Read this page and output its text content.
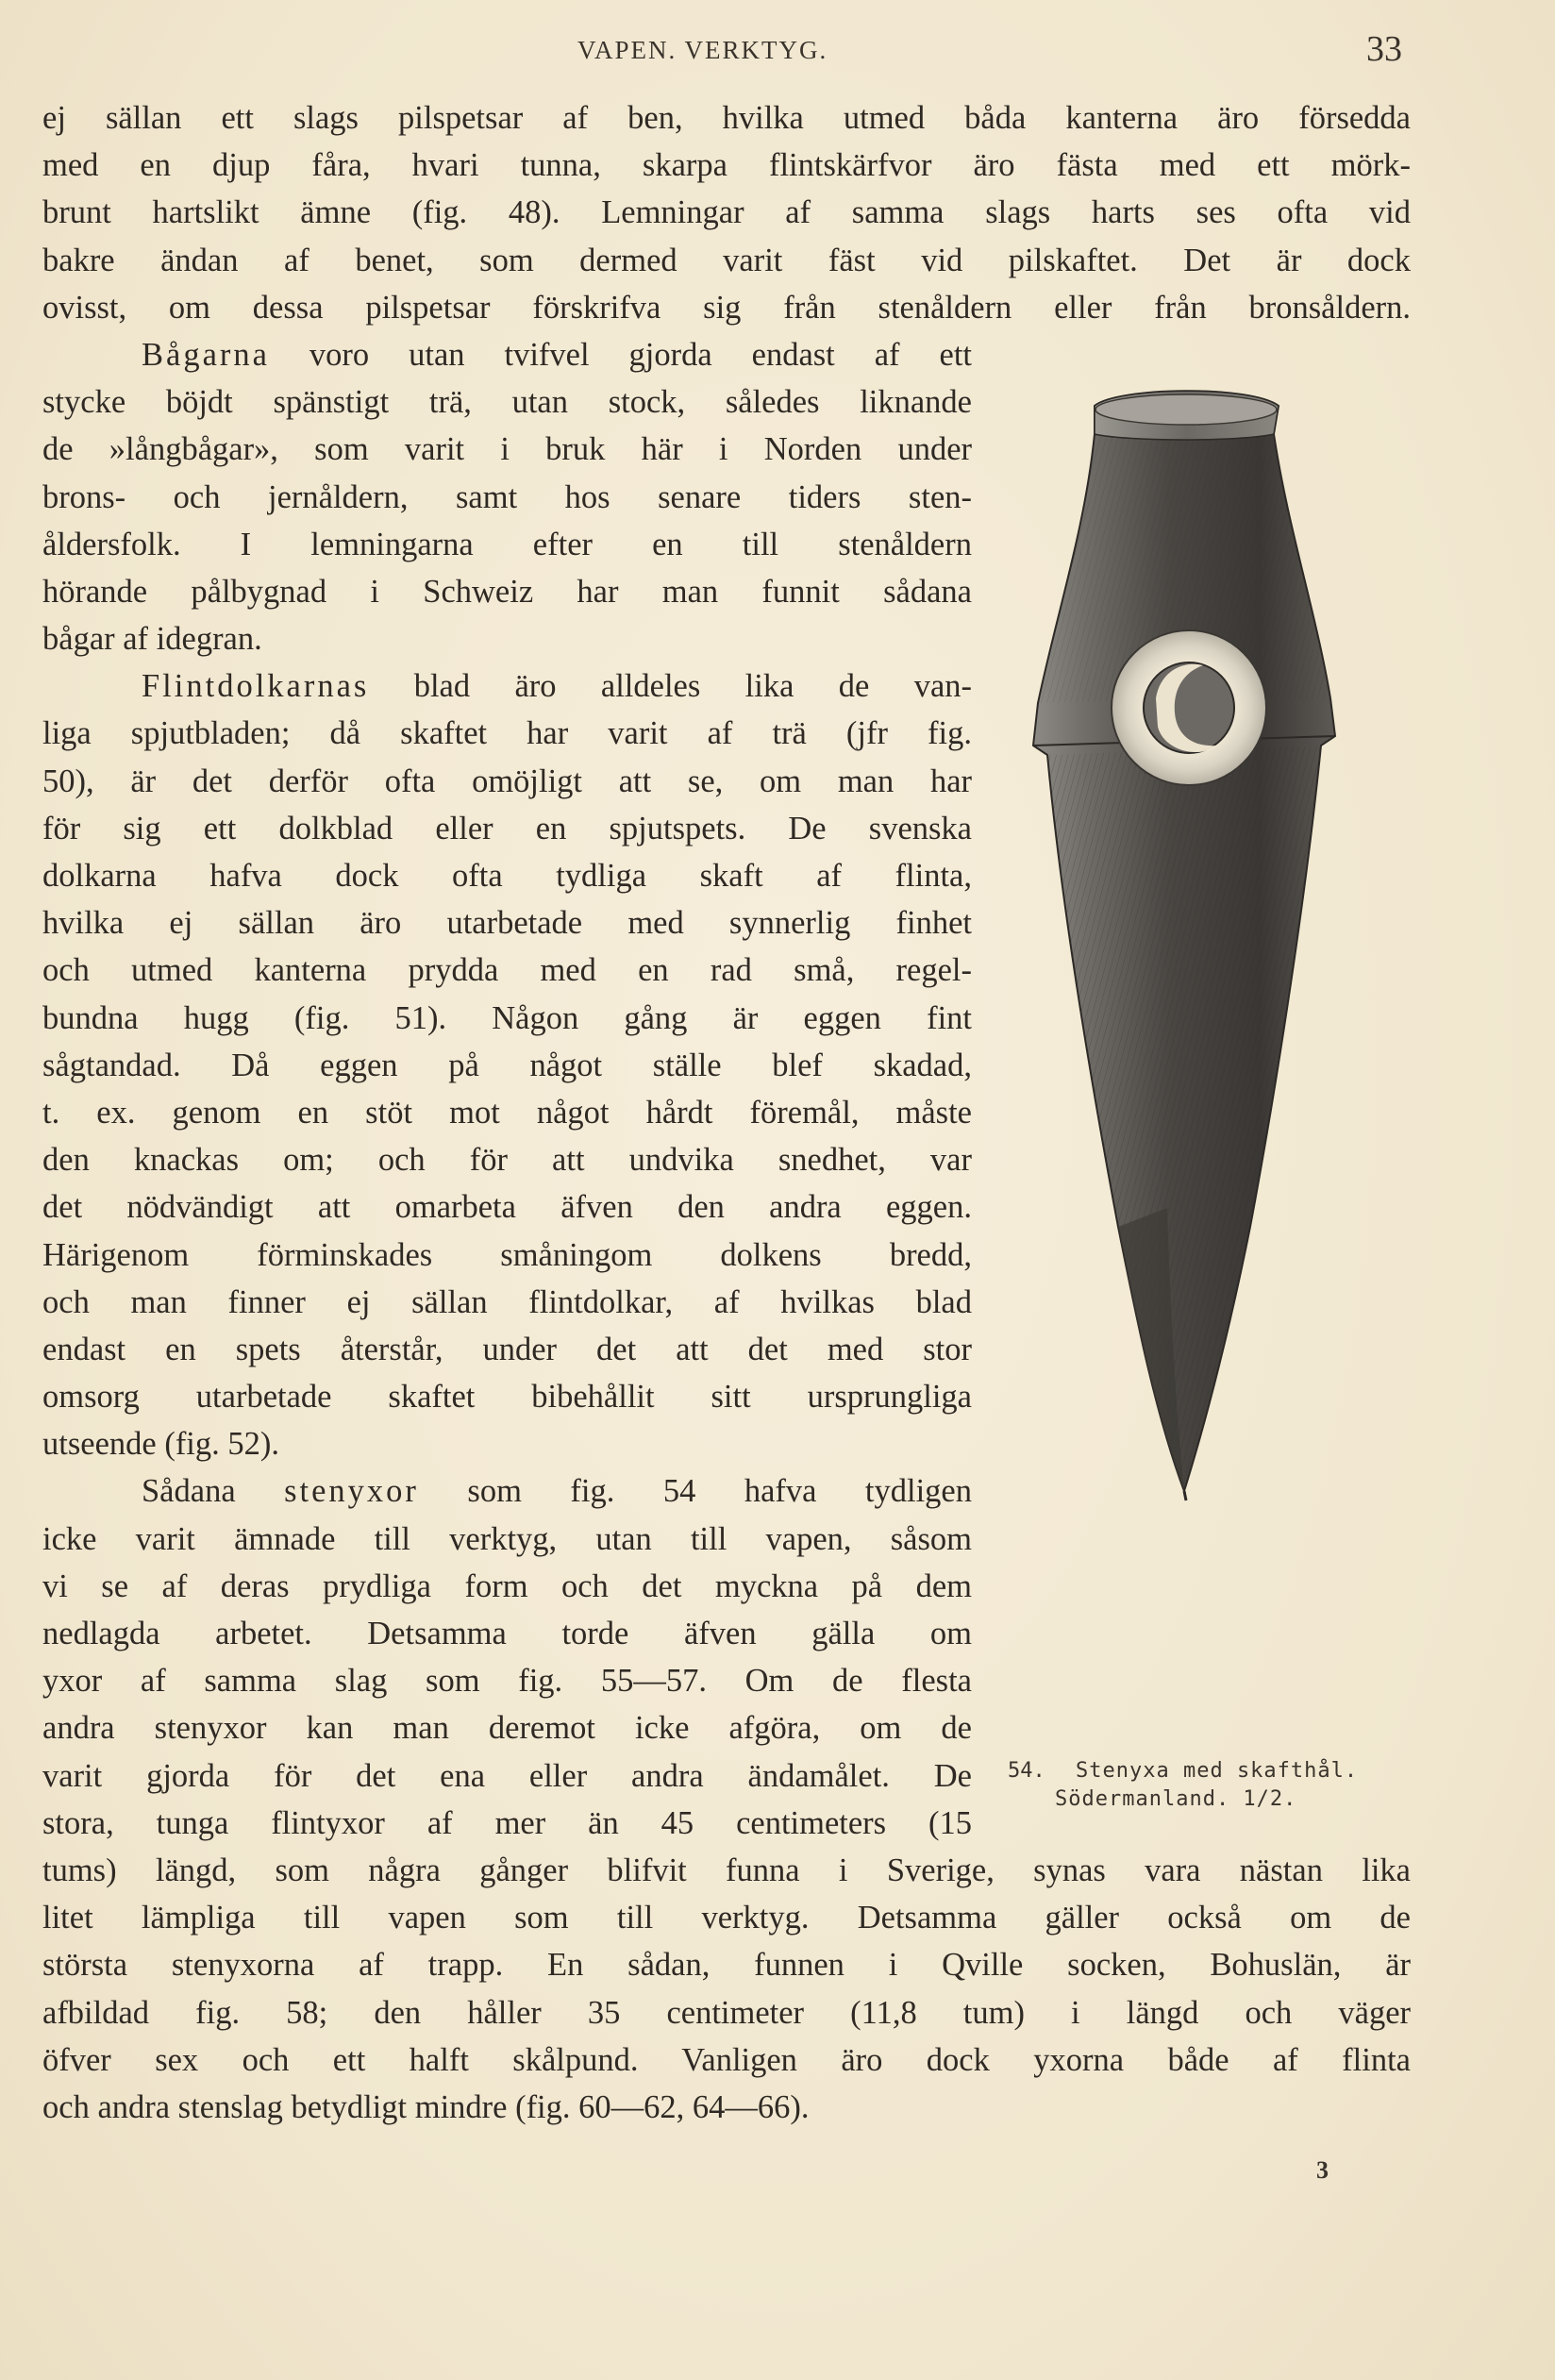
VAPEN. VERKTYG.	33
ej sällan ett slags pilspetsar af ben, hvilka utmed båda kanterna äro försedda
med en djup fåra, hvari tunna, skarpa flintskärfvor äro fästa med ett mörk-
brunt hartslikt ämne (fig. 48). Lemningar af samma slags harts ses ofta vid
bakre ändan af benet, som dermed varit fäst vid pilskaftet. Det är dock
ovisst, om dessa pilspetsar förskrifva sig från stenåldern eller från bronsåldern.
Bågarna voro utan tvifvel gjorda endast af ett
stycke böjdt spänstigt trä, utan stock, således liknande
de »långbågar», som varit i bruk här i Norden under
brons- och jernåldern, samt hos senare tiders sten-
åldersfolk. I lemningarna efter en till stenåldern
hörande pålbygnad i Schweiz har man funnit sådana
bågar af idegran.
Flintdolkarnas blad äro alldeles lika de van-
liga spjutbladen; då skaftet har varit af trä (jfr fig.
50), är det derför ofta omöjligt att se, om man har
för sig ett dolkblad eller en spjutspets. De svenska
dolkarna hafva dock ofta tydliga skaft af flinta,
hvilka ej sällan äro utarbetade med synnerlig finhet
och utmed kanterna prydda med en rad små, regel-
bundna hugg (fig. 51). Någon gång är eggen fint
sågtandad. Då eggen på något ställe blef skadad,
t. ex. genom en stöt mot något hårdt föremål, måste
den knackas om; och för att undvika snedhet, var
det nödvändigt att omarbeta äfven den andra eggen.
Härigenom förminskades småningom dolkens bredd,
och man finner ej sällan flintdolkar, af hvilkas blad
endast en spets återstår, under det att det med stor
omsorg utarbetade skaftet bibehållit sitt ursprungliga
utseende (fig. 52).
Sådana stenyxor som fig. 54 hafva tydligen
icke varit ämnade till verktyg, utan till vapen, såsom
vi se af deras prydliga form och det myckna på dem
nedlagda arbetet. Detsamma torde äfven gälla om
yxor af samma slag som fig. 55—57. Om de flesta
andra stenyxor kan man deremot icke afgöra, om de
varit gjorda för det ena eller andra ändamålet. De
stora, tunga flintyxor af mer än 45 centimeters (15
tums) längd, som några gånger blifvit funna i Sverige, synas vara nästan lika
litet lämpliga till vapen som till verktyg. Detsamma gäller också om de
största stenyxorna af trapp. En sådan, funnen i Qville socken, Bohuslän, är
afbildad fig. 58; den håller 35 centimeter (11,8 tum) i längd och väger
öfver sex och ett halft skålpund. Vanligen äro dock yxorna både af flinta
och andra stenslag betydligt mindre (fig. 60—62, 64—66).
54. Stenyxa med skafthål.
Södermanland. 1/2.
3
